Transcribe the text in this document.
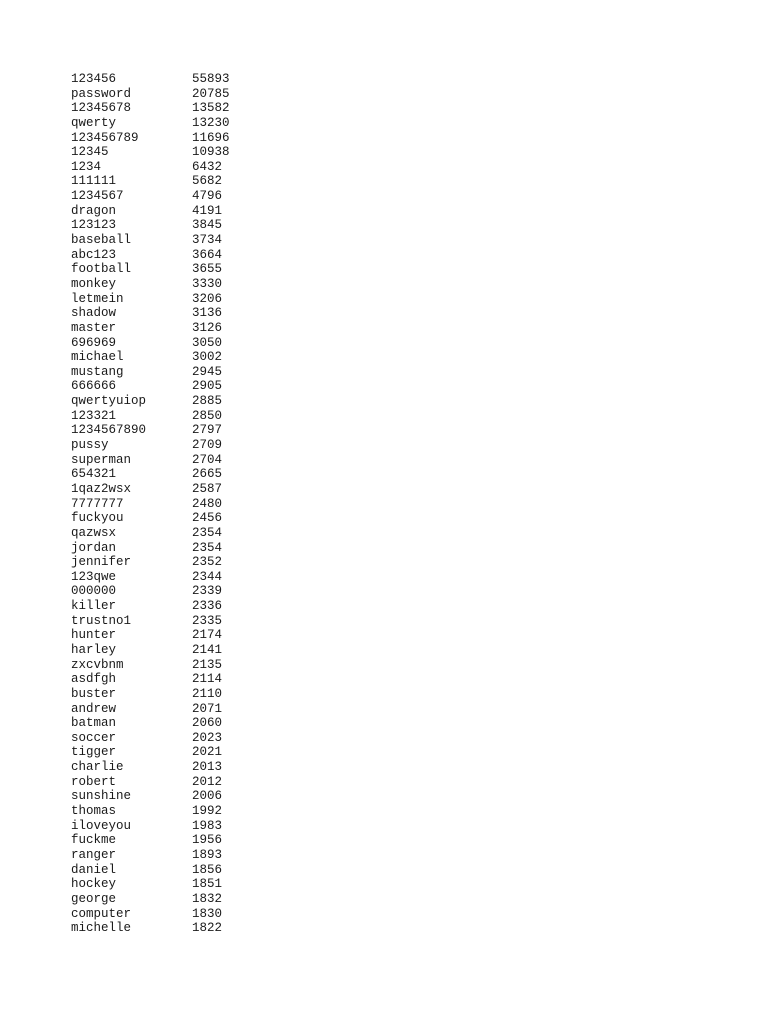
123456	55893
password	20785
12345678	13582
qwerty	13230
123456789	11696
12345	10938
1234	6432
111111	5682
1234567	4796
dragon	4191
123123	3845
baseball	3734
abc123	3664
football	3655
monkey	3330
letmein	3206
shadow	3136
master	3126
696969	3050
michael	3002
mustang	2945
666666	2905
qwertyuiop	2885
123321	2850
1234567890	2797
pussy	2709
superman	2704
654321	2665
1qaz2wsx	2587
7777777	2480
fuckyou	2456
qazwsx	2354
jordan	2354
jennifer	2352
123qwe	2344
000000	2339
killer	2336
trustno1	2335
hunter	2174
harley	2141
zxcvbnm	2135
asdfgh	2114
buster	2110
andrew	2071
batman	2060
soccer	2023
tigger	2021
charlie	2013
robert	2012
sunshine	2006
thomas	1992
iloveyou	1983
fuckme	1956
ranger	1893
daniel	1856
hockey	1851
george	1832
computer	1830
michelle	1822
